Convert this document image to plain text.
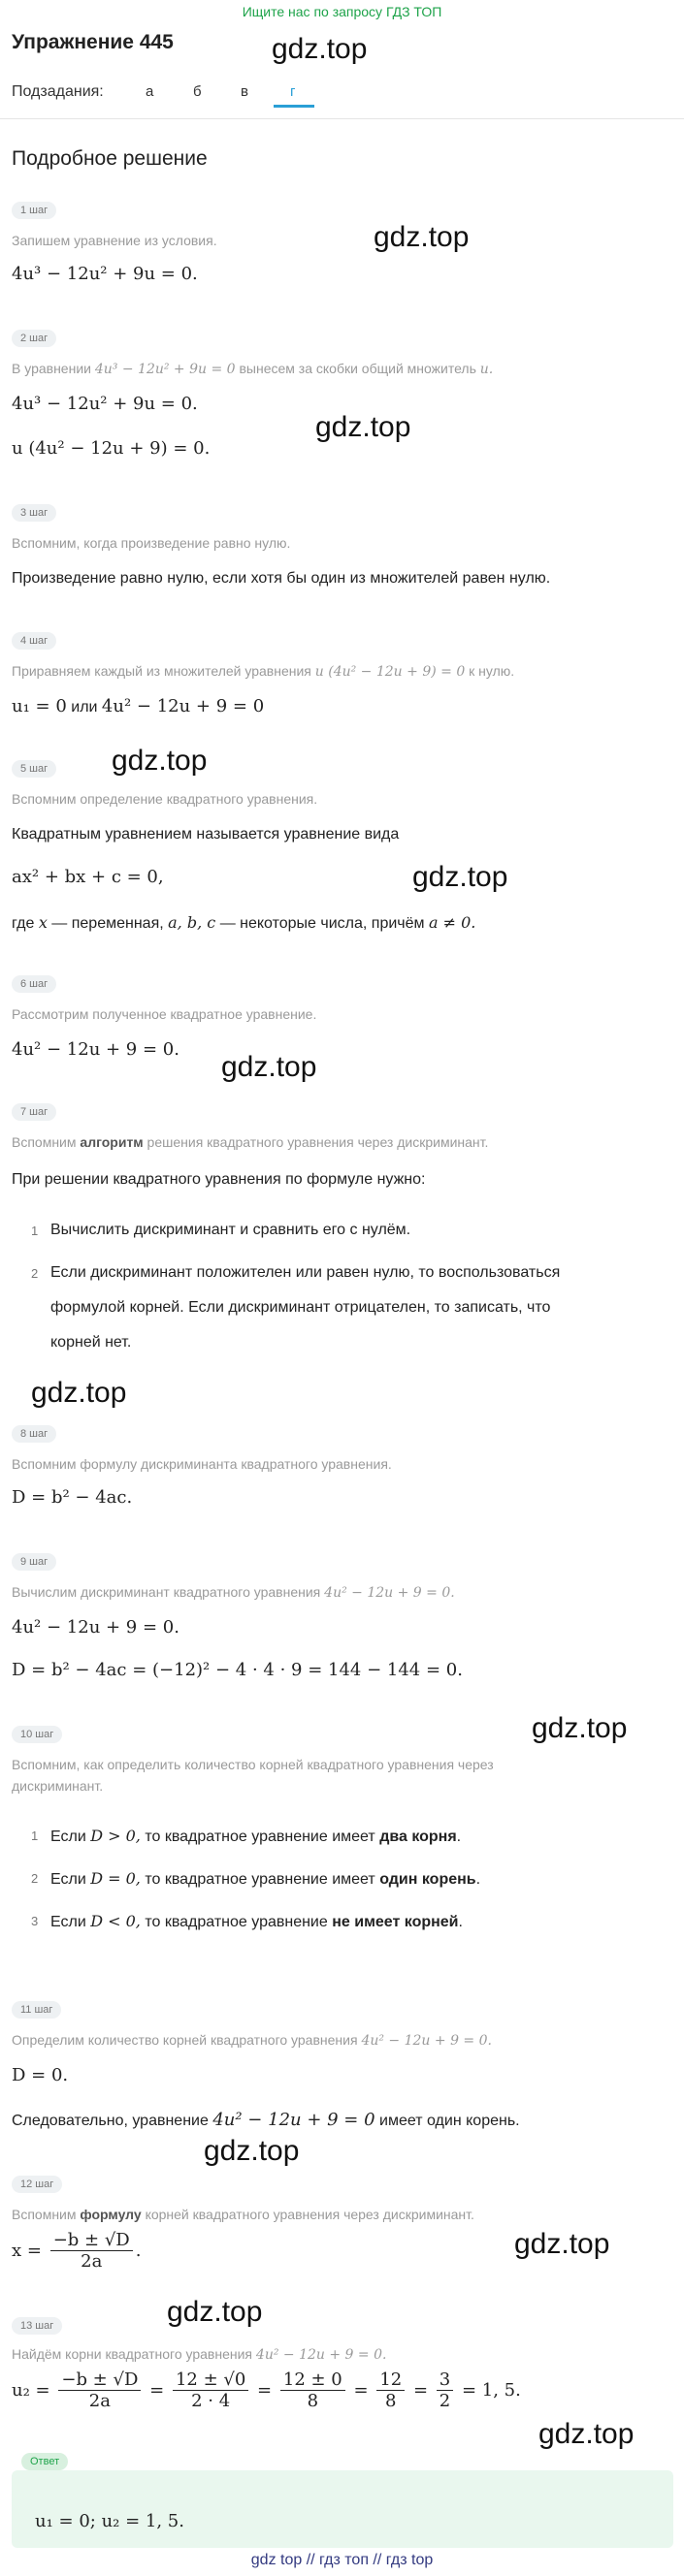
Ищите нас по запросу ГДЗ ТОП
Упражнение 445	gdz.top
Подзадания:	а	б	в	г
Подробное решение
1 шаг
Запишем уравнение из условия.	gdz.top
4u³ − 12u² + 9u = 0.
2 шаг
В уравнении 4u³ − 12u² + 9u = 0 вынесем за скобки общий множитель u.
4u³ − 12u² + 9u = 0.
gdz.top
u (4u² − 12u + 9) = 0.
3 шаг
Вспомним, когда произведение равно нулю.
Произведение равно нулю, если хотя бы один из множителей равен нулю.
4 шаг
Приравняем каждый из множителей уравнения u (4u² − 12u + 9) = 0 к нулю.
u₁ = 0 или 4u² − 12u + 9 = 0
gdz.top
5 шаг
Вспомним определение квадратного уравнения.
Квадратным уравнением называется уравнение вида
ax² + bx + c = 0,	gdz.top
где x — переменная, a, b, c — некоторые числа, причём a ≠ 0.
6 шаг
Рассмотрим полученное квадратное уравнение.
4u² − 12u + 9 = 0.
gdz.top
7 шаг
Вспомним алгоритм решения квадратного уравнения через дискриминант.
При решении квадратного уравнения по формуле нужно:
1 Вычислить дискриминант и сравнить его с нулём.
2 Если дискриминант положителен или равен нулю, то воспользоваться
формулой корней. Если дискриминант отрицателен, то записать, что
корней нет.
gdz.top
8 шаг
Вспомним формулу дискриминанта квадратного уравнения.
D = b² − 4ac.
9 шаг
Вычислим дискриминант квадратного уравнения 4u² − 12u + 9 = 0.
4u² − 12u + 9 = 0.
D = b² − 4ac = (−12)² − 4 · 4 · 9 = 144 − 144 = 0.
gdz.top
10 шаг
Вспомним, как определить количество корней квадратного уравнения через
дискриминант.
1 Если D > 0, то квадратное уравнение имеет два корня.
2 Если D = 0, то квадратное уравнение имеет один корень.
3 Если D < 0, то квадратное уравнение не имеет корней.
11 шаг
Определим количество корней квадратного уравнения 4u² − 12u + 9 = 0.
D = 0.
Следовательно, уравнение 4u² − 12u + 9 = 0 имеет один корень.
gdz.top
12 шаг
Вспомним формулу корней квадратного уравнения через дискриминант.
$x = \frac{-b \pm √D}{2a}$ .	gdz.top
gdz.top
13 шаг
Найдём корни квадратного уравнения 4u² − 12u + 9 = 0.
$u_2 = \frac{-b \pm √D}{2a} = \frac{12 \pm √0}{2 \cdot 4} = \frac{12 \pm 0}{8} = \frac{12}{8} = \frac{3}{2} = 1$, 5.
gdz.top
Ответ
u₁ = 0; u₂ = 1, 5.
gdz top // гдз топ // гдз top
